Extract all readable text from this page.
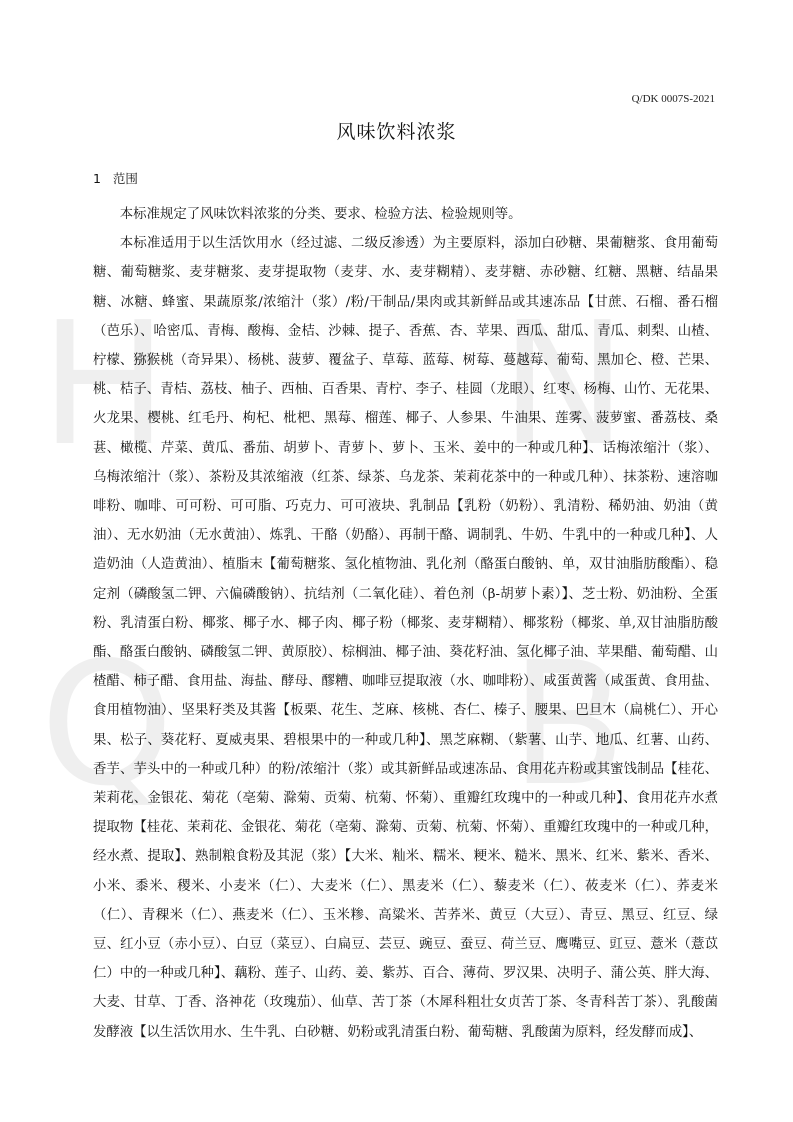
H N
Q B
Q/DK 0007S-2021
风味饮料浓浆
1 范围

本标准规定了风味饮料浓浆的分类、要求、检验方法、检验规则等。

本标准适用于以生活饮用水（经过滤、二级反渗透）为主要原料，添加白砂糖、果葡糖浆、食用葡萄糖、葡萄糖浆、麦芽糖浆、麦芽提取物（麦芽、水、麦芽糊精）、麦芽糖、赤砂糖、红糖、黑糖、结晶果糖、冰糖、蜂蜜、果蔬原浆/浓缩汁（浆）/粉/干制品/果肉或其新鲜品或其速冻品【甘蔗、石榴、番石榴（芭乐）、哈密瓜、青梅、酸梅、金桔、沙棘、提子、香蕉、杏、苹果、西瓜、甜瓜、青瓜、刺梨、山楂、柠檬、猕猴桃（奇异果）、杨桃、菠萝、覆盆子、草莓、蓝莓、树莓、蔓越莓、葡萄、黑加仑、橙、芒果、桃、桔子、青桔、荔枝、柚子、西柚、百香果、青柠、李子、桂圆（龙眼）、红枣、杨梅、山竹、无花果、火龙果、樱桃、红毛丹、枸杞、枇杷、黑莓、榴莲、椰子、人参果、牛油果、莲雾、菠萝蜜、番荔枝、桑葚、橄榄、芹菜、黄瓜、番茄、胡萝卜、青萝卜、萝卜、玉米、姜中的一种或几种】、话梅浓缩汁（浆）、乌梅浓缩汁（浆）、茶粉及其浓缩液（红茶、绿茶、乌龙茶、茉莉花茶中的一种或几种）、抹茶粉、速溶咖啡粉、咖啡、可可粉、可可脂、巧克力、可可液块、乳制品【乳粉（奶粉）、乳清粉、稀奶油、奶油（黄油）、无水奶油（无水黄油）、炼乳、干酪（奶酪）、再制干酪、调制乳、牛奶、牛乳中的一种或几种】、人造奶油（人造黄油）、植脂末【葡萄糖浆、氢化植物油、乳化剂（酪蛋白酸钠、单，双甘油脂肪酸酯）、稳定剂（磷酸氢二钾、六偏磷酸钠）、抗结剂（二氧化硅）、着色剂（β-胡萝卜素）】、芝士粉、奶油粉、全蛋粉、乳清蛋白粉、椰浆、椰子水、椰子肉、椰子粉（椰浆、麦芽糊精）、椰浆粉（椰浆、单,双甘油脂肪酸酯、酪蛋白酸钠、磷酸氢二钾、黄原胶）、棕榈油、椰子油、葵花籽油、氢化椰子油、苹果醋、葡萄醋、山楂醋、柿子醋、食用盐、海盐、酵母、醪糟、咖啡豆提取液（水、咖啡粉）、咸蛋黄酱（咸蛋黄、食用盐、食用植物油）、坚果籽类及其酱【板栗、花生、芝麻、核桃、杏仁、榛子、腰果、巴旦木（扁桃仁）、开心果、松子、葵花籽、夏威夷果、碧根果中的一种或几种】、黑芝麻糊、（紫薯、山芋、地瓜、红薯、山药、香芋、芋头中的一种或几种）的粉/浓缩汁（浆）或其新鲜品或速冻品、食用花卉粉或其蜜饯制品【桂花、茉莉花、金银花、菊花（亳菊、滁菊、贡菊、杭菊、怀菊）、重瓣红玫瑰中的一种或几种】、食用花卉水煮提取物【桂花、茉莉花、金银花、菊花（亳菊、滁菊、贡菊、杭菊、怀菊）、重瓣红玫瑰中的一种或几种，经水煮、提取】、熟制粮食粉及其泥（浆）【大米、籼米、糯米、粳米、糙米、黑米、红米、紫米、香米、小米、黍米、稷米、小麦米（仁）、大麦米（仁）、黑麦米（仁）、藜麦米（仁）、莜麦米（仁）、荞麦米（仁）、青稞米（仁）、燕麦米（仁）、玉米糁、高粱米、苦荞米、黄豆（大豆）、青豆、黑豆、红豆、绿豆、红小豆（赤小豆）、白豆（菜豆）、白扁豆、芸豆、豌豆、蚕豆、荷兰豆、鹰嘴豆、豇豆、薏米（薏苡仁）中的一种或几种】、藕粉、莲子、山药、姜、紫苏、百合、薄荷、罗汉果、决明子、蒲公英、胖大海、大麦、甘草、丁香、洛神花（玫瑰茄）、仙草、苦丁茶（木犀科粗壮女贞苦丁茶、冬青科苦丁茶）、乳酸菌发酵液【以生活饮用水、生牛乳、白砂糖、奶粉或乳清蛋白粉、葡萄糖、乳酸菌为原料，经发酵而成】、
